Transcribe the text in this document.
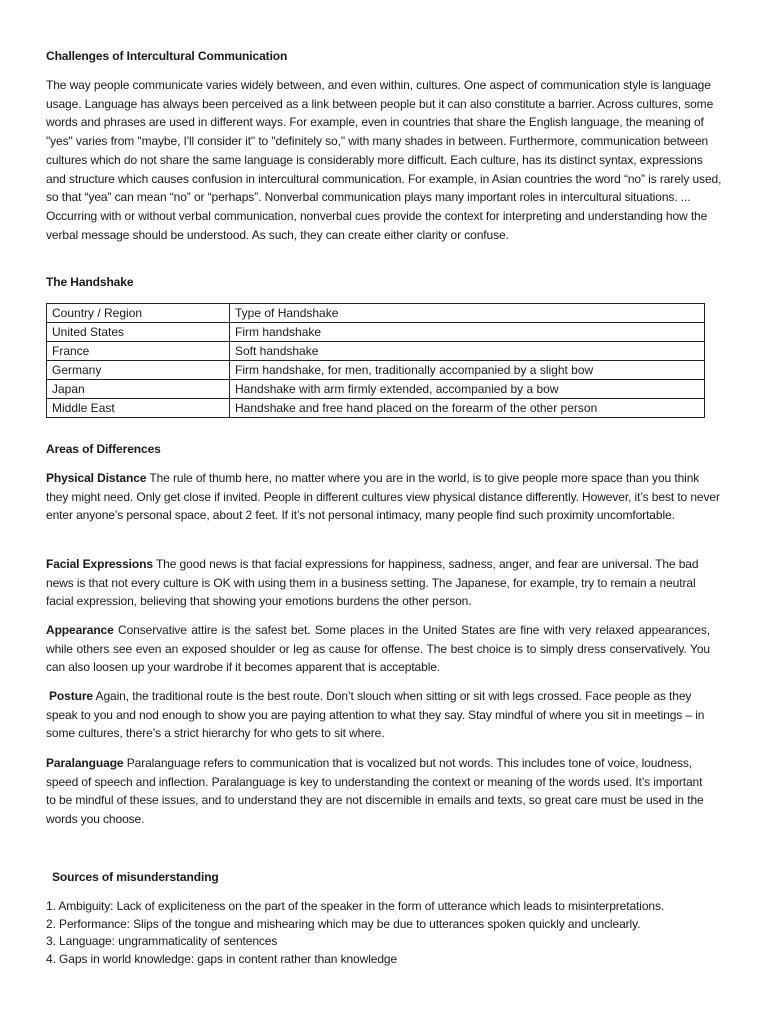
Challenges of Intercultural Communication

The way people communicate varies widely between, and even within, cultures. One aspect of communication style is language usage. Language has always been perceived as a link between people but it can also constitute a barrier. Across cultures, some words and phrases are used in different ways. For example, even in countries that share the English language, the meaning of "yes" varies from "maybe, I'll consider it" to "definitely so," with many shades in between. Furthermore, communication between cultures which do not share the same language is considerably more difficult. Each culture, has its distinct syntax, expressions and structure which causes confusion in intercultural communication. For example, in Asian countries the word “no” is rarely used, so that “yea” can mean “no” or “perhaps”. Nonverbal communication plays many important roles in intercultural situations. ... Occurring with or without verbal communication, nonverbal cues provide the context for interpreting and understanding how the verbal message should be understood. As such, they can create either clarity or confuse.

The Handshake

Country / Region	Type of Handshake
United States	Firm handshake
France	Soft handshake
Germany	Firm handshake, for men, traditionally accompanied by a slight bow
Japan	Handshake with arm firmly extended, accompanied by a bow
Middle East	Handshake and free hand placed on the forearm of the other person

Areas of Differences

Physical Distance The rule of thumb here, no matter where you are in the world, is to give people more space than you think they might need. Only get close if invited. People in different cultures view physical distance differently. However, it’s best to never enter anyone’s personal space, about 2 feet. If it’s not personal intimacy, many people find such proximity uncomfortable.

Facial Expressions The good news is that facial expressions for happiness, sadness, anger, and fear are universal. The bad news is that not every culture is OK with using them in a business setting. The Japanese, for example, try to remain a neutral facial expression, believing that showing your emotions burdens the other person.

Appearance Conservative attire is the safest bet. Some places in the United States are fine with very relaxed appearances, while others see even an exposed shoulder or leg as cause for offense. The best choice is to simply dress conservatively. You can also loosen up your wardrobe if it becomes apparent that is acceptable.

Posture Again, the traditional route is the best route. Don’t slouch when sitting or sit with legs crossed. Face people as they speak to you and nod enough to show you are paying attention to what they say. Stay mindful of where you sit in meetings – in some cultures, there’s a strict hierarchy for who gets to sit where.

Paralanguage Paralanguage refers to communication that is vocalized but not words. This includes tone of voice, loudness, speed of speech and inflection. Paralanguage is key to understanding the context or meaning of the words used. It’s important to be mindful of these issues, and to understand they are not discernible in emails and texts, so great care must be used in the words you choose.

Sources of misunderstanding

1. Ambiguity: Lack of expliciteness on the part of the speaker in the form of utterance which leads to misinterpretations.
2. Performance: Slips of the tongue and mishearing which may be due to utterances spoken quickly and unclearly.
3. Language: ungrammaticality of sentences
4. Gaps in world knowledge: gaps in content rather than knowledge
